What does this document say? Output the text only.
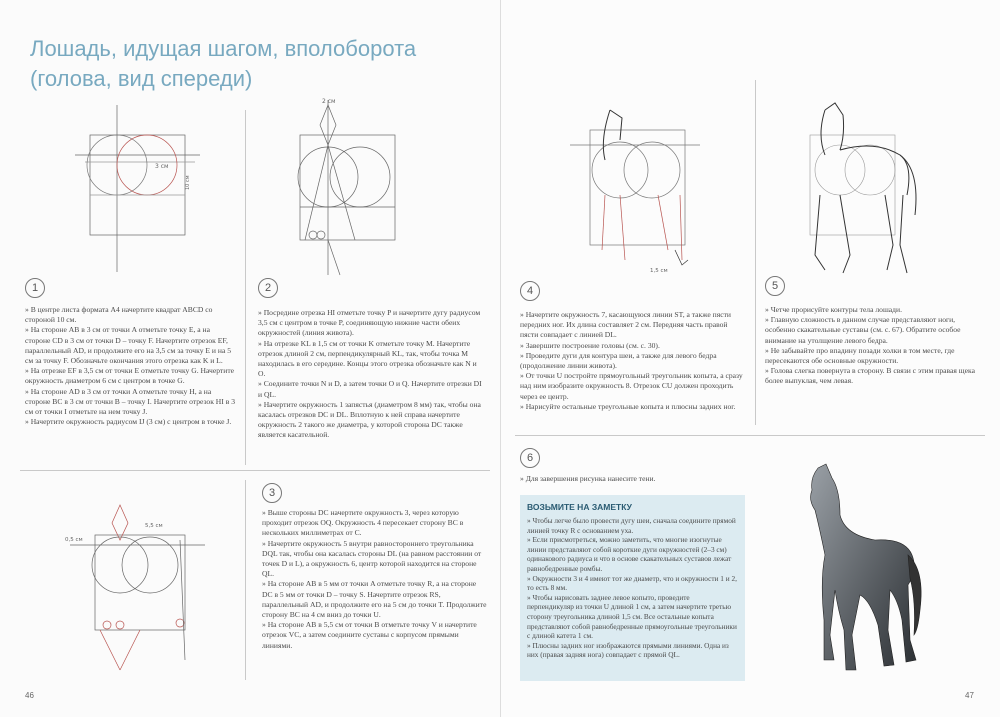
Лошадь, идущая шагом, вполоборота (голова, вид спереди)
3 см
10 см
2 см
1

» В центре листа формата А4 начертите квадрат ABCD со стороной 10 см.

» На стороне AB в 3 см от точки A отметьте точку E, а на стороне CD в 3 см от точки D – точку F. Начертите отрезок EF, параллельный AD, и продолжите его на 3,5 см за точку E и на 5 см за точку F. Обозначьте окончания этого отрезка как K и L.

» На отрезке EF в 3,5 см от точки E отметьте точку G. Начертите окружность диаметром 6 см с центром в точке G.

» На стороне AD в 3 см от точки A отметьте точку H, а на стороне BC в 3 см от точки B – точку I. Начертите отрезок HI в 3 см от точки I отметьте на нем точку J.

» Начертите окружность радиусом IJ (3 см) с центром в точке J.

2

» Посредине отрезка HI отметьте точку P и начертите дугу радиусом 3,5 см с центром в точке P, соединяющую нижние части обеих окружностей (линия живота).

» На отрезке KL в 1,5 см от точки K отметьте точку M. Начертите отрезок длиной 2 см, перпендикулярный KL, так, чтобы точка M находилась в его середине. Концы этого отрезка обозначьте как N и O.

» Соедините точки N и D, а затем точки O и Q. Начертите отрезки DI и QL.

» Начертите окружность 1 запястья (диаметром 8 мм) так, чтобы она касалась отрезков DC и DL. Вплотную к ней справа начертите окружность 2 такого же диаметра, у которой сторона DC также является касательной.

0,5 см
5,5 см
3

» Выше стороны DC начертите окружность 3, через которую проходит отрезок OQ. Окружность 4 пересекает сторону BC в нескольких миллиметрах от C.

» Начертите окружность 5 внутри равностороннего треугольника DQL так, чтобы она касалась стороны DL (на равном расстоянии от точек D и L), а окружность 6, центр которой находится на стороне QL.

» На стороне AB в 5 мм от точки A отметьте точку R, а на стороне DC в 5 мм от точки D – точку S. Начертите отрезок RS, параллельный AD, и продолжите его на 5 см до точки T. Продолжите сторону BC на 4 см вниз до точки U.

» На стороне AB в 5,5 см от точки B отметьте точку V и начертите отрезок VC, а затем соедините суставы с корпусом прямыми линиями.

46
1,5 см
4

» Начертите окружность 7, касающуюся линии ST, а также пясти передних ног. Их длина составляет 2 см. Передняя часть правой пясти совпадает с линией DL.

» Завершите построение головы (см. с. 30).

» Проведите дуги для контура шеи, а также для левого бедра (продолжение линии живота).

» От точки U постройте прямоугольный треугольник копыта, а сразу над ним изобразите окружность 8. Отрезок CU должен проходить через ее центр.

» Нарисуйте остальные треугольные копыта и плюсны задних ног.

5

» Четче прорисуйте контуры тела лошади.

» Главную сложность в данном случае представляют ноги, особенно скакательные суставы (см. с. 67). Обратите особое внимание на утолщение левого бедра.

» Не забывайте про впадину позади холки в том месте, где пересекаются обе основные окружности.

» Голова слегка повернута в сторону. В связи с этим правая щека более выпуклая, чем левая.

6

» Для завершения рисунка нанесите тени.

ВОЗЬМИТЕ НА ЗАМЕТКУ

» Чтобы легче было провести дугу шеи, сначала соедините прямой линией точку R с основанием уха.

» Если присмотреться, можно заметить, что многие изогнутые линии представляют собой короткие дуги окружностей (2–3 см) одинакового радиуса и что в основе скакательных суставов лежат равнобедренные ромбы.

» Окружности 3 и 4 имеют тот же диаметр, что и окружности 1 и 2, то есть 8 мм.

» Чтобы нарисовать заднее левое копыто, проведите перпендикуляр из точки U длиной 1 см, а затем начертите третью сторону треугольника длиной 1,5 см. Все остальные копыта представляют собой равнобедренные прямоугольные треугольники с длиной катета 1 см.

» Плюсны задних ног изображаются прямыми линиями. Одна из них (правая задняя нога) совпадает с прямой QL.

47
